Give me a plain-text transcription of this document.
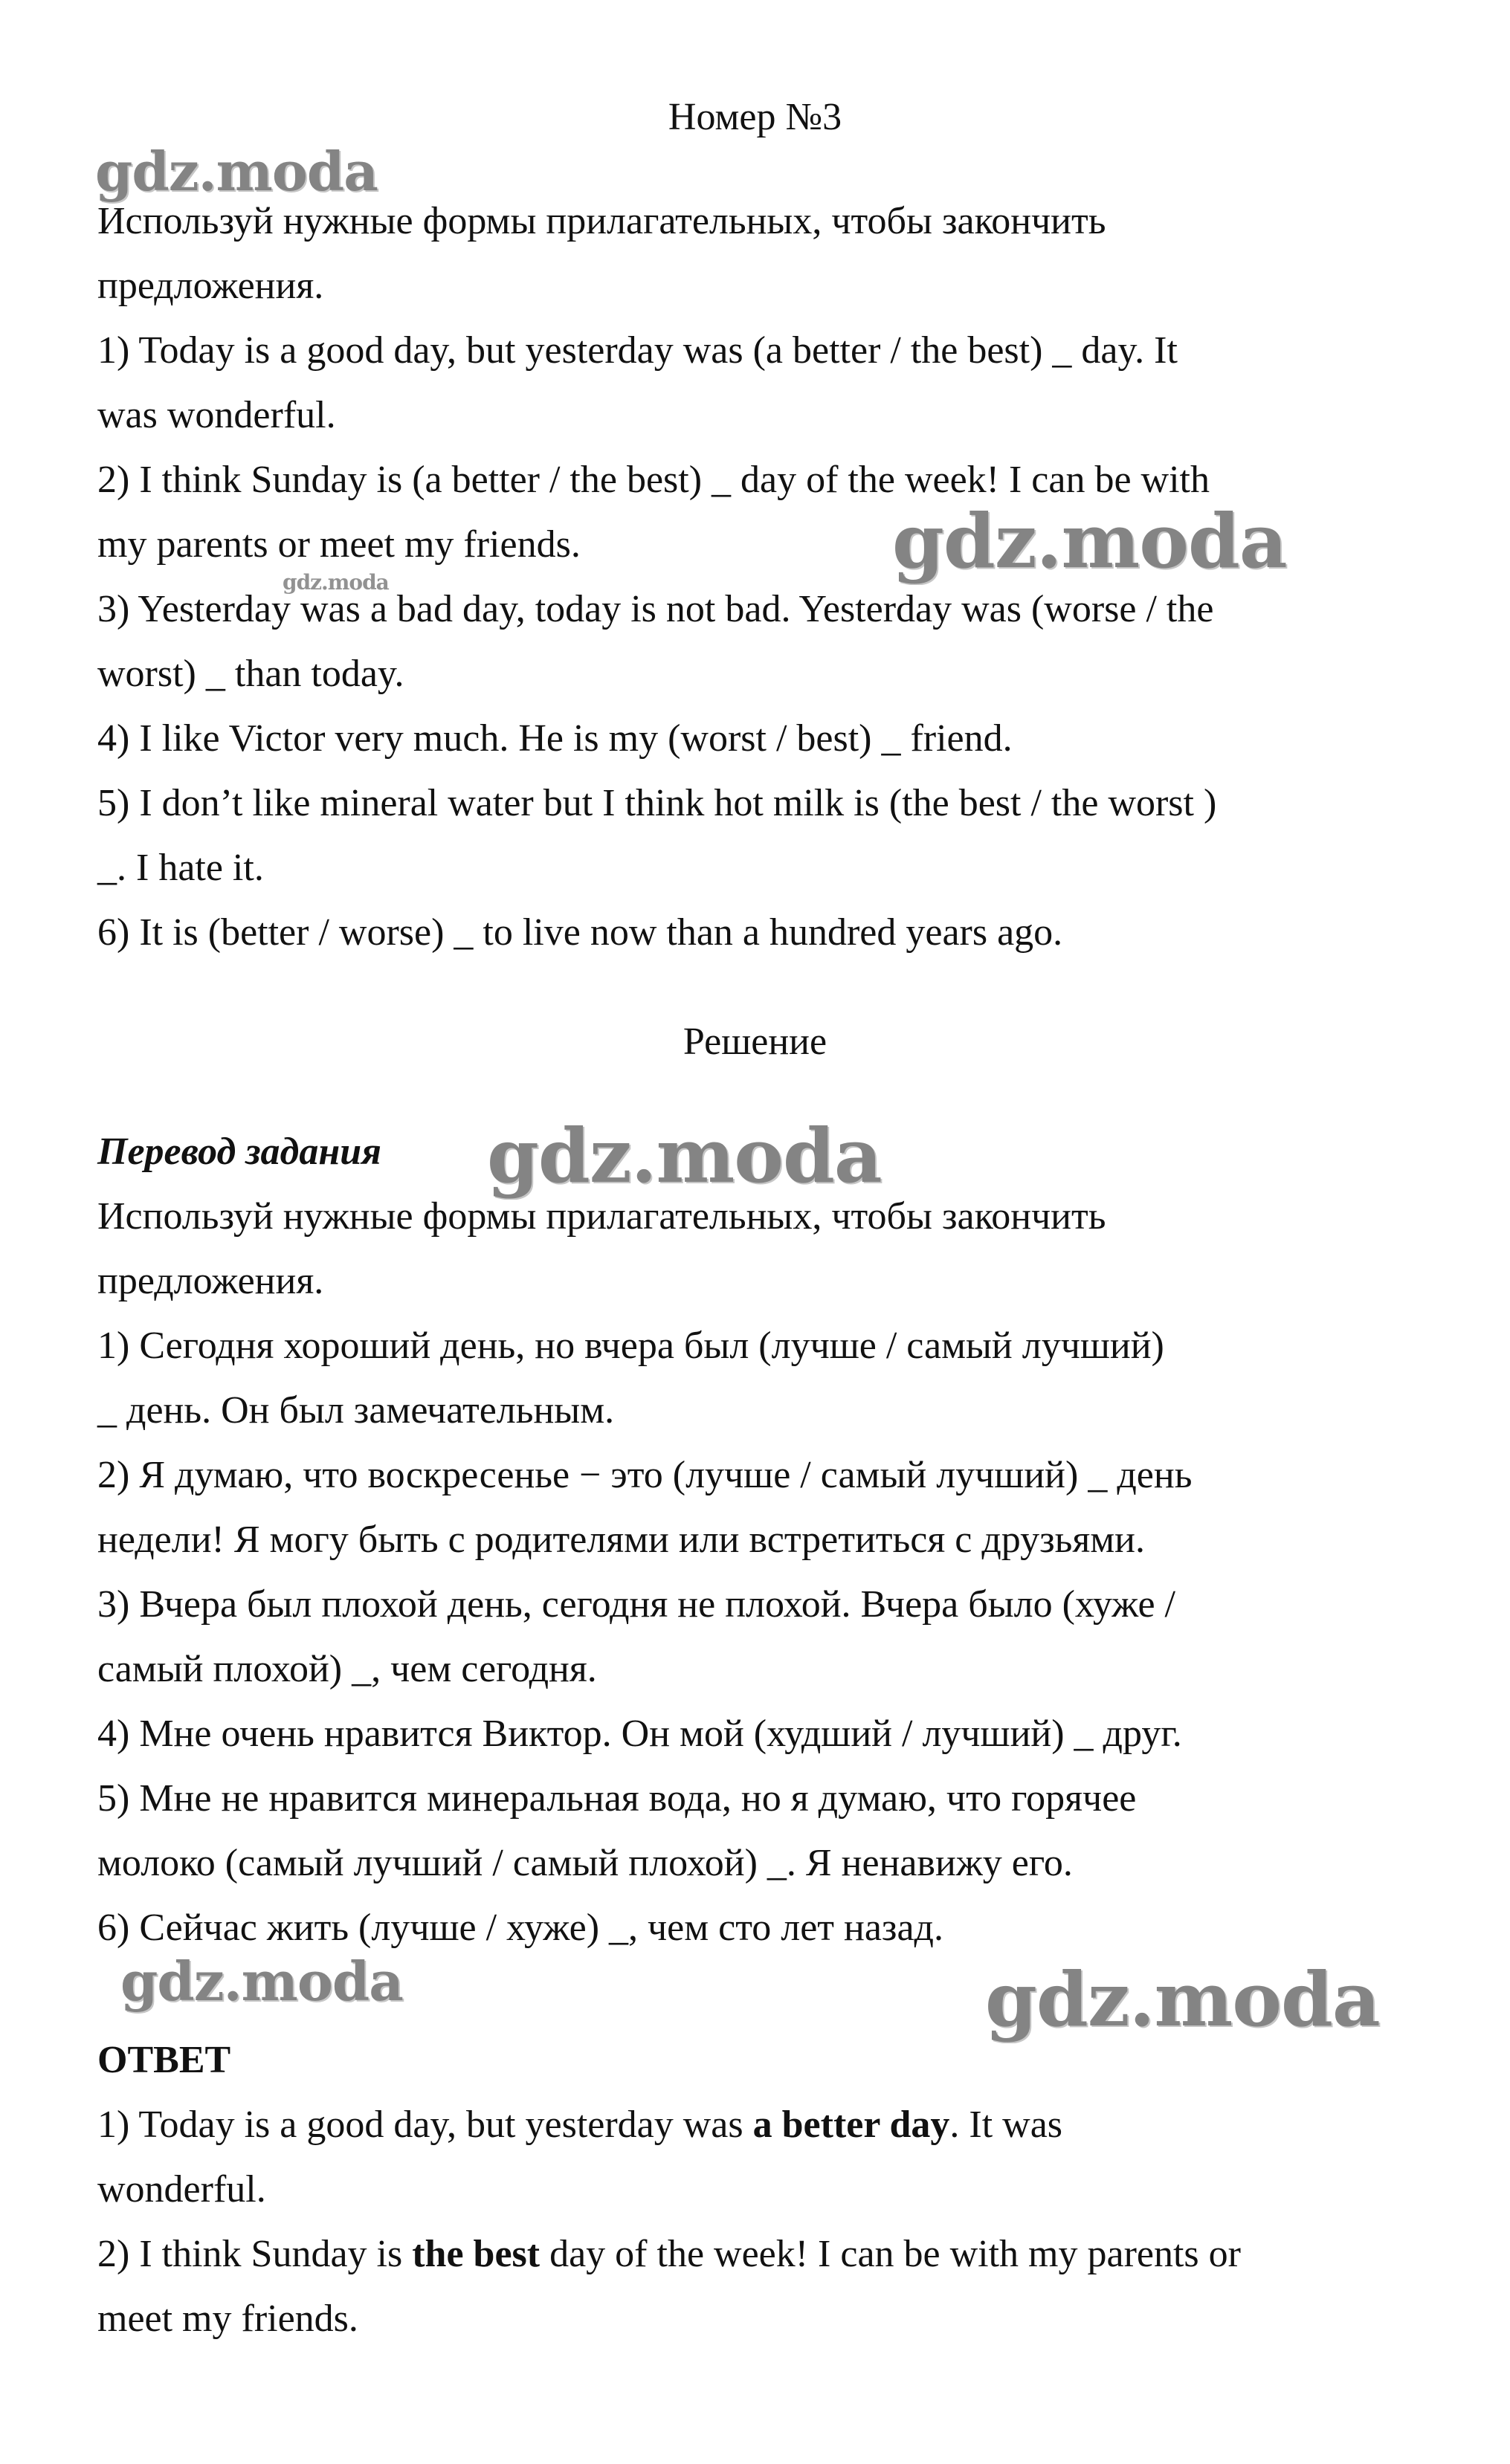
Номер №3
Используй нужные формы прилагательных, чтобы закончить
предложения.
1) Today is a good day, but yesterday was (a better / the best) _ day. It
was wonderful.
2) I think Sunday is (a better / the best) _ day of the week! I can be with
my parents or meet my friends.
3) Yesterday was a bad day, today is not bad. Yesterday was (worse / the
worst) _ than today.
4) I like Victor very much. He is my (worst / best) _ friend.
5) I don’t like mineral water but I think hot milk is (the best / the worst )
_. I hate it.
6) It is (better / worse) _ to live now than a hundred years ago.
Решение
Перевод задания
Используй нужные формы прилагательных, чтобы закончить
предложения.
1) Сегодня хороший день, но вчера был (лучше / самый лучший)
_ день. Он был замечательным.
2) Я думаю, что воскресенье − это (лучше / самый лучший) _ день
недели! Я могу быть с родителями или встретиться с друзьями.
3) Вчера был плохой день, сегодня не плохой. Вчера было (хуже /
самый плохой) _, чем сегодня.
4) Мне очень нравится Виктор. Он мой (худший / лучший) _ друг.
5) Мне не нравится минеральная вода, но я думаю, что горячее
молоко (самый лучший / самый плохой) _. Я ненавижу его.
6) Сейчас жить (лучше / хуже) _, чем сто лет назад.
ОТВЕТ
1) Today is a good day, but yesterday was a better day. It was
wonderful.
2) I think Sunday is the best day of the week! I can be with my parents or
meet my friends.
gdz.moda
gdz.moda
gdz.moda
gdz.moda
gdz.moda	gdz.moda
